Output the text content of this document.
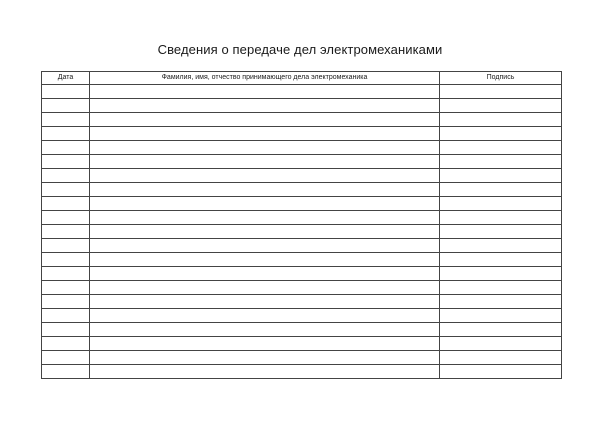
Сведения о передаче дел электромеханиками
Дата	Фамилия, имя, отчество принимающего дела электромеханика	Подпись
